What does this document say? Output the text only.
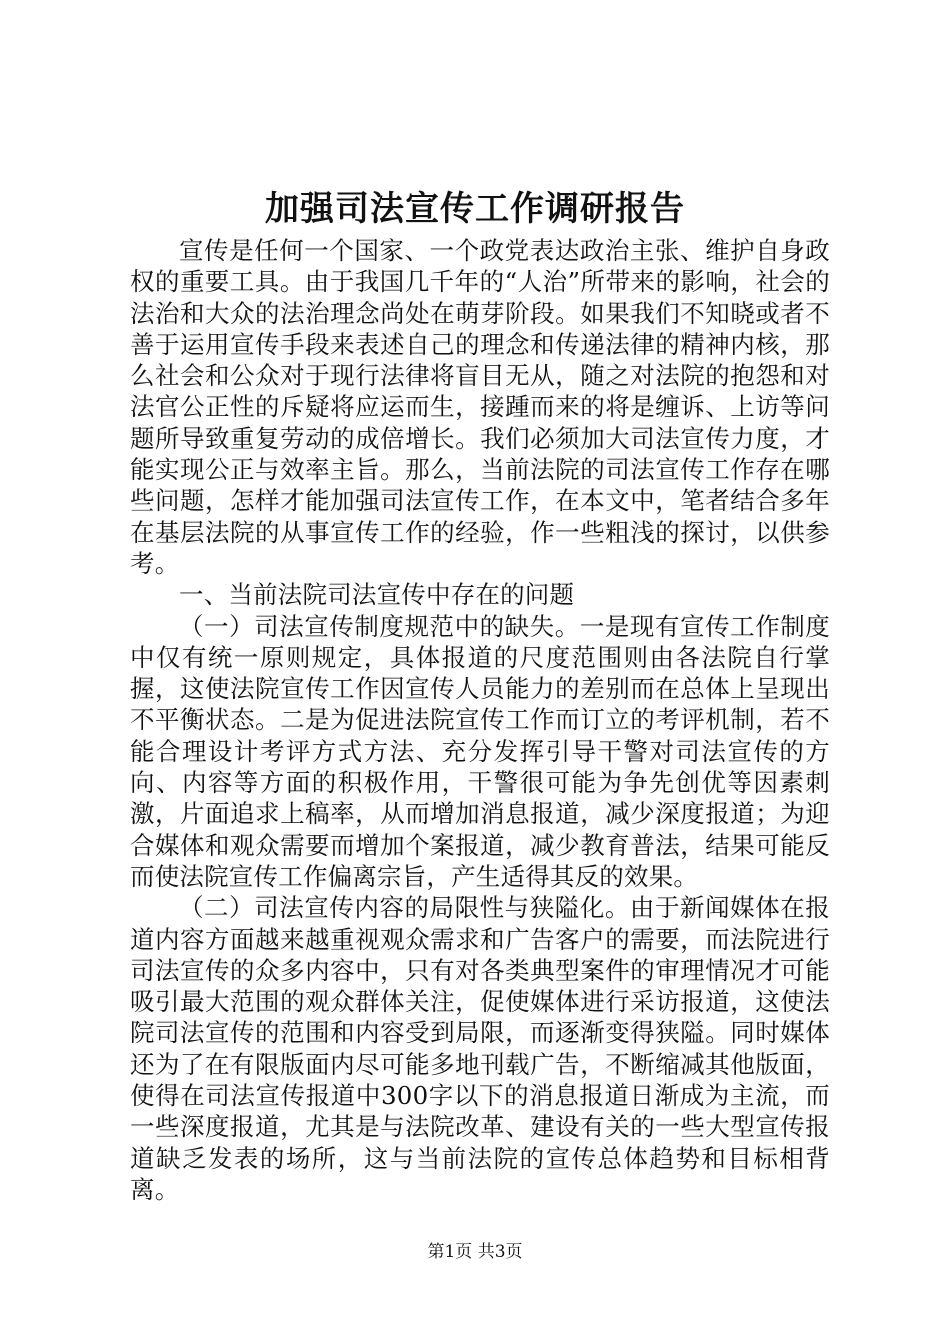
加强司法宣传工作调研报告

宣传是任何一个国家、一个政党表达政治主张、维护自身政权的重要工具。由于我国几千年的“人治”所带来的影响，社会的法治和大众的法治理念尚处在萌芽阶段。如果我们不知晓或者不善于运用宣传手段来表述自己的理念和传递法律的精神内核，那么社会和公众对于现行法律将盲目无从，随之对法院的抱怨和对法官公正性的斥疑将应运而生，接踵而来的将是缠诉、上访等问题所导致重复劳动的成倍增长。我们必须加大司法宣传力度，才能实现公正与效率主旨。那么，当前法院的司法宣传工作存在哪些问题，怎样才能加强司法宣传工作，在本文中，笔者结合多年在基层法院的从事宣传工作的经验，作一些粗浅的探讨，以供参考。

一、当前法院司法宣传中存在的问题

（一）司法宣传制度规范中的缺失。一是现有宣传工作制度中仅有统一原则规定，具体报道的尺度范围则由各法院自行掌握，这使法院宣传工作因宣传人员能力的差别而在总体上呈现出不平衡状态。二是为促进法院宣传工作而订立的考评机制，若不能合理设计考评方式方法、充分发挥引导干警对司法宣传的方向、内容等方面的积极作用，干警很可能为争先创优等因素刺激，片面追求上稿率，从而增加消息报道，减少深度报道；为迎合媒体和观众需要而增加个案报道，减少教育普法，结果可能反而使法院宣传工作偏离宗旨，产生适得其反的效果。

（二）司法宣传内容的局限性与狭隘化。由于新闻媒体在报道内容方面越来越重视观众需求和广告客户的需要，而法院进行司法宣传的众多内容中，只有对各类典型案件的审理情况才可能吸引最大范围的观众群体关注，促使媒体进行采访报道，这使法院司法宣传的范围和内容受到局限，而逐渐变得狭隘。同时媒体还为了在有限版面内尽可能多地刊载广告，不断缩减其他版面，使得在司法宣传报道中300字以下的消息报道日渐成为主流，而一些深度报道，尤其是与法院改革、建设有关的一些大型宣传报道缺乏发表的场所，这与当前法院的宣传总体趋势和目标相背离。

第1页 共3页
